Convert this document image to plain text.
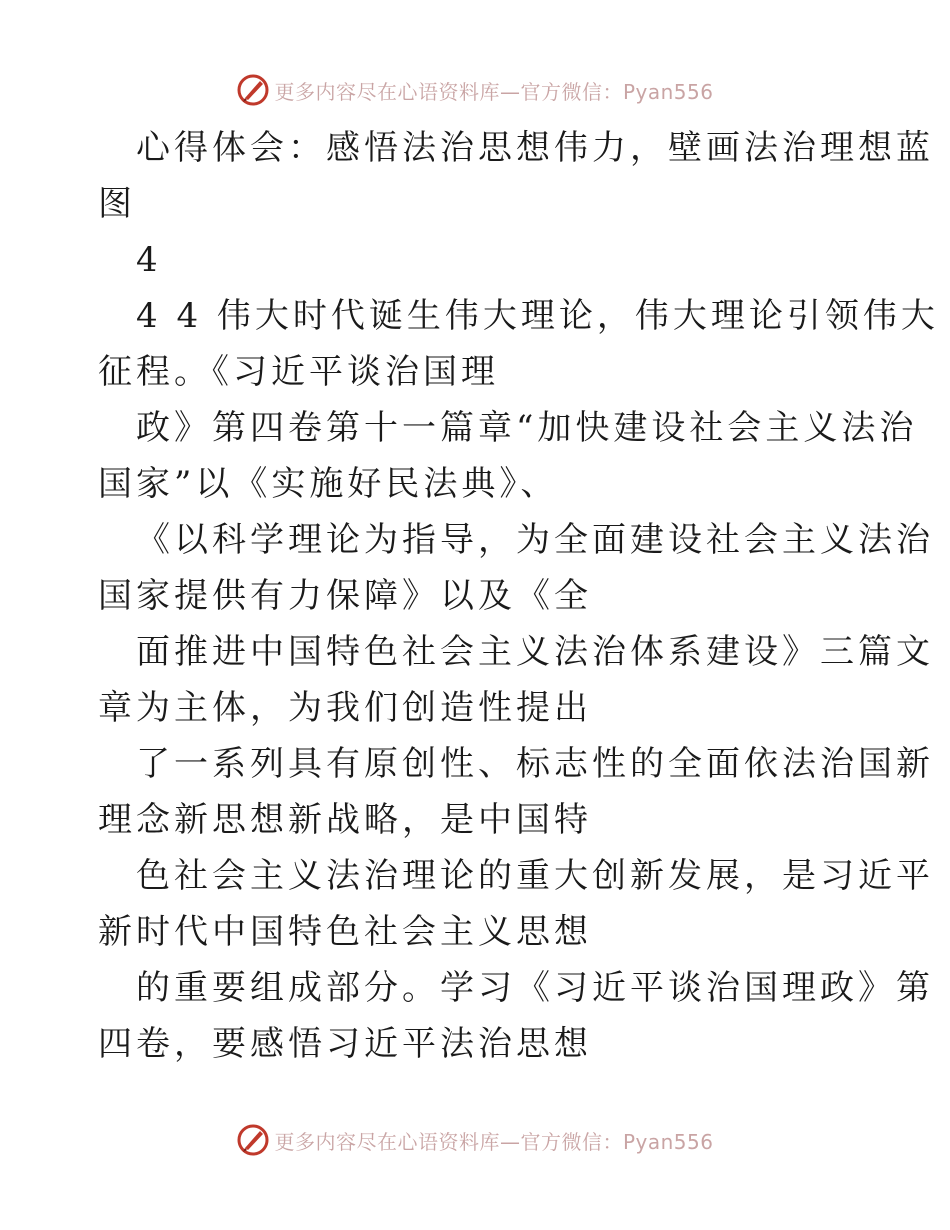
更多内容尽在心语资料库—官方微信：Pyan556
心得体会：感悟法治思想伟力，壁画法治理想蓝
图
4
4 4 伟大时代诞生伟大理论，伟大理论引领伟大
征程。《习近平谈治国理
政》第四卷第十一篇章“加快建设社会主义法治
国家”以《实施好民法典》、
《以科学理论为指导，为全面建设社会主义法治
国家提供有力保障》以及《全
面推进中国特色社会主义法治体系建设》三篇文
章为主体，为我们创造性提出
了一系列具有原创性、标志性的全面依法治国新
理念新思想新战略，是中国特
色社会主义法治理论的重大创新发展，是习近平
新时代中国特色社会主义思想
的重要组成部分。学习《习近平谈治国理政》第
四卷，要感悟习近平法治思想
更多内容尽在心语资料库—官方微信：Pyan556
